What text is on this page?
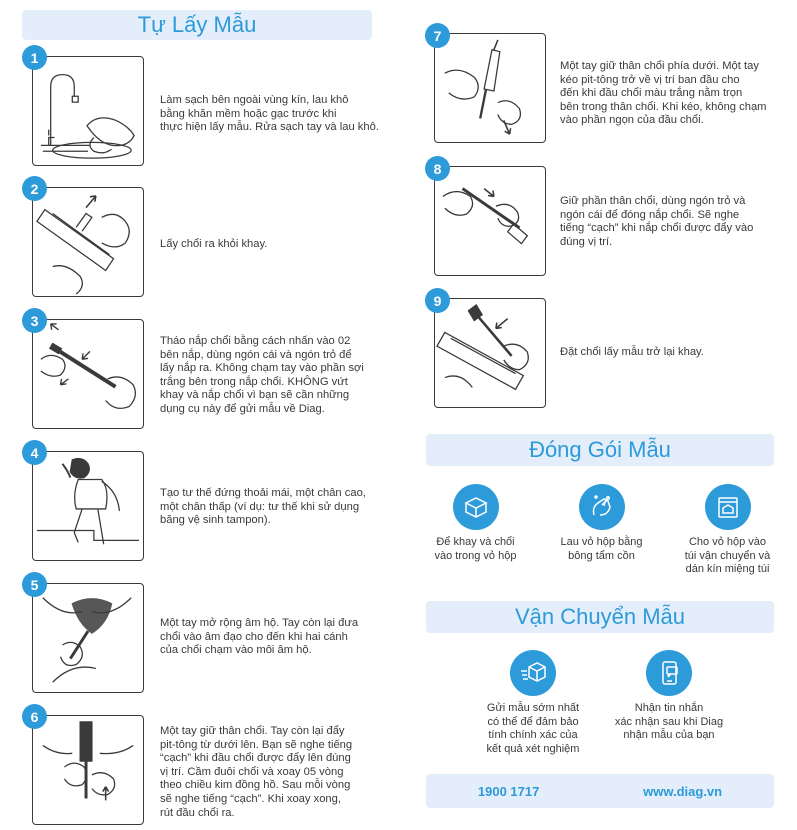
Tự Lấy Mẫu
1
Làm sạch bên ngoài vùng kín, lau khô
bằng khăn mềm hoặc gạc trước khi
thực hiện lấy mẫu. Rửa sạch tay và lau khô.
2
Lấy chổi ra khỏi khay.
3
Tháo nắp chổi bằng cách nhấn vào 02
bên nắp, dùng ngón cái và ngón trỏ để
lấy nắp ra. Không chạm tay vào phần sợi
trắng bên trong nắp chổi. KHÔNG vứt
khay và nắp chổi vì bạn sẽ cần những
dụng cụ này để gửi mẫu về Diag.
4
Tạo tư thế đứng thoải mái, một chân cao,
một chân thấp (ví dụ: tư thế khi sử dụng
băng vệ sinh tampon).
5
Một tay mở rộng âm hộ. Tay còn lại đưa
chổi vào âm đạo cho đến khi hai cánh
của chổi chạm vào môi âm hộ.
6
Một tay giữ thân chổi. Tay còn lại đẩy
pit-tông từ dưới lên. Bạn sẽ nghe tiếng
“cạch” khi đầu chổi được đẩy lên đúng
vị trí. Cầm đuôi chổi và xoay 05 vòng
theo chiều kim đồng hồ. Sau mỗi vòng
sẽ nghe tiếng “cạch”. Khi xoay xong,
rút đầu chổi ra.
7
Một tay giữ thân chổi phía dưới. Một tay
kéo pit-tông trở về vị trí ban đầu cho
đến khi đầu chổi màu trắng nằm trọn
bên trong thân chổi. Khi kéo, không chạm
vào phần ngọn của đầu chổi.
8
Giữ phần thân chổi, dùng ngón trỏ và
ngón cái để đóng nắp chổi. Sẽ nghe
tiếng “cạch” khi nắp chổi được đẩy vào
đúng vị trí.
9
Đặt chổi lấy mẫu trở lại khay.
Đóng Gói Mẫu
Để khay và chổi
vào trong vỏ hộp
Lau vỏ hộp bằng
bông tẩm cồn
Cho vỏ hộp vào
túi vận chuyển và
dán kín miệng túi
Vận Chuyển Mẫu
Gửi mẫu sớm nhất
có thể để đảm bảo
tính chính xác của
kết quả xét nghiệm
Nhận tin nhắn
xác nhận sau khi Diag
nhận mẫu của bạn
1900 1717	www.diag.vn
